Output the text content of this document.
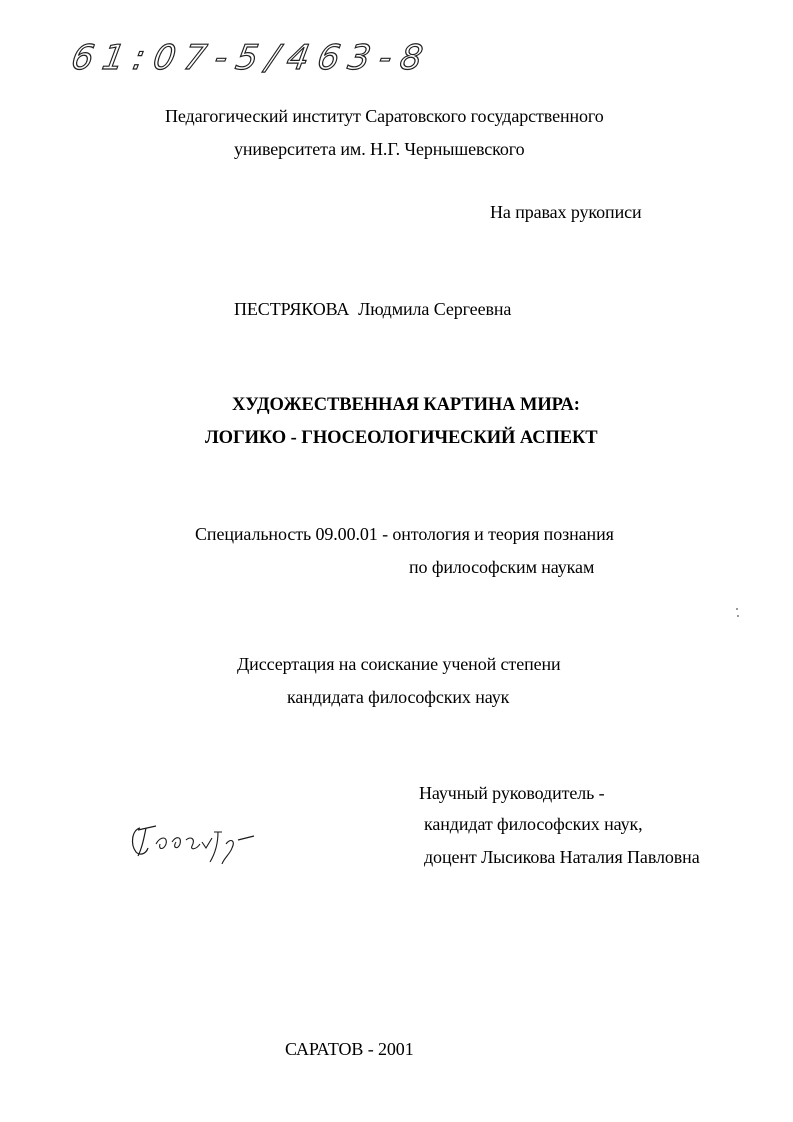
61:07-5/463-8
Педагогический институт Саратовского государственного
университета им. Н.Г. Чернышевского
На правах рукописи
ПЕСТРЯКОВА Людмила Сергеевна
ХУДОЖЕСТВЕННАЯ КАРТИНА МИРА:
ЛОГИКО - ГНОСЕОЛОГИЧЕСКИЙ АСПЕКТ
Специальность 09.00.01 - онтология и теория познания
по философским наукам
Диссертация на соискание ученой степени
кандидата философских наук
Научный руководитель -
кандидат философских наук,
доцент Лысикова Наталия Павловна
САРАТОВ - 2001
